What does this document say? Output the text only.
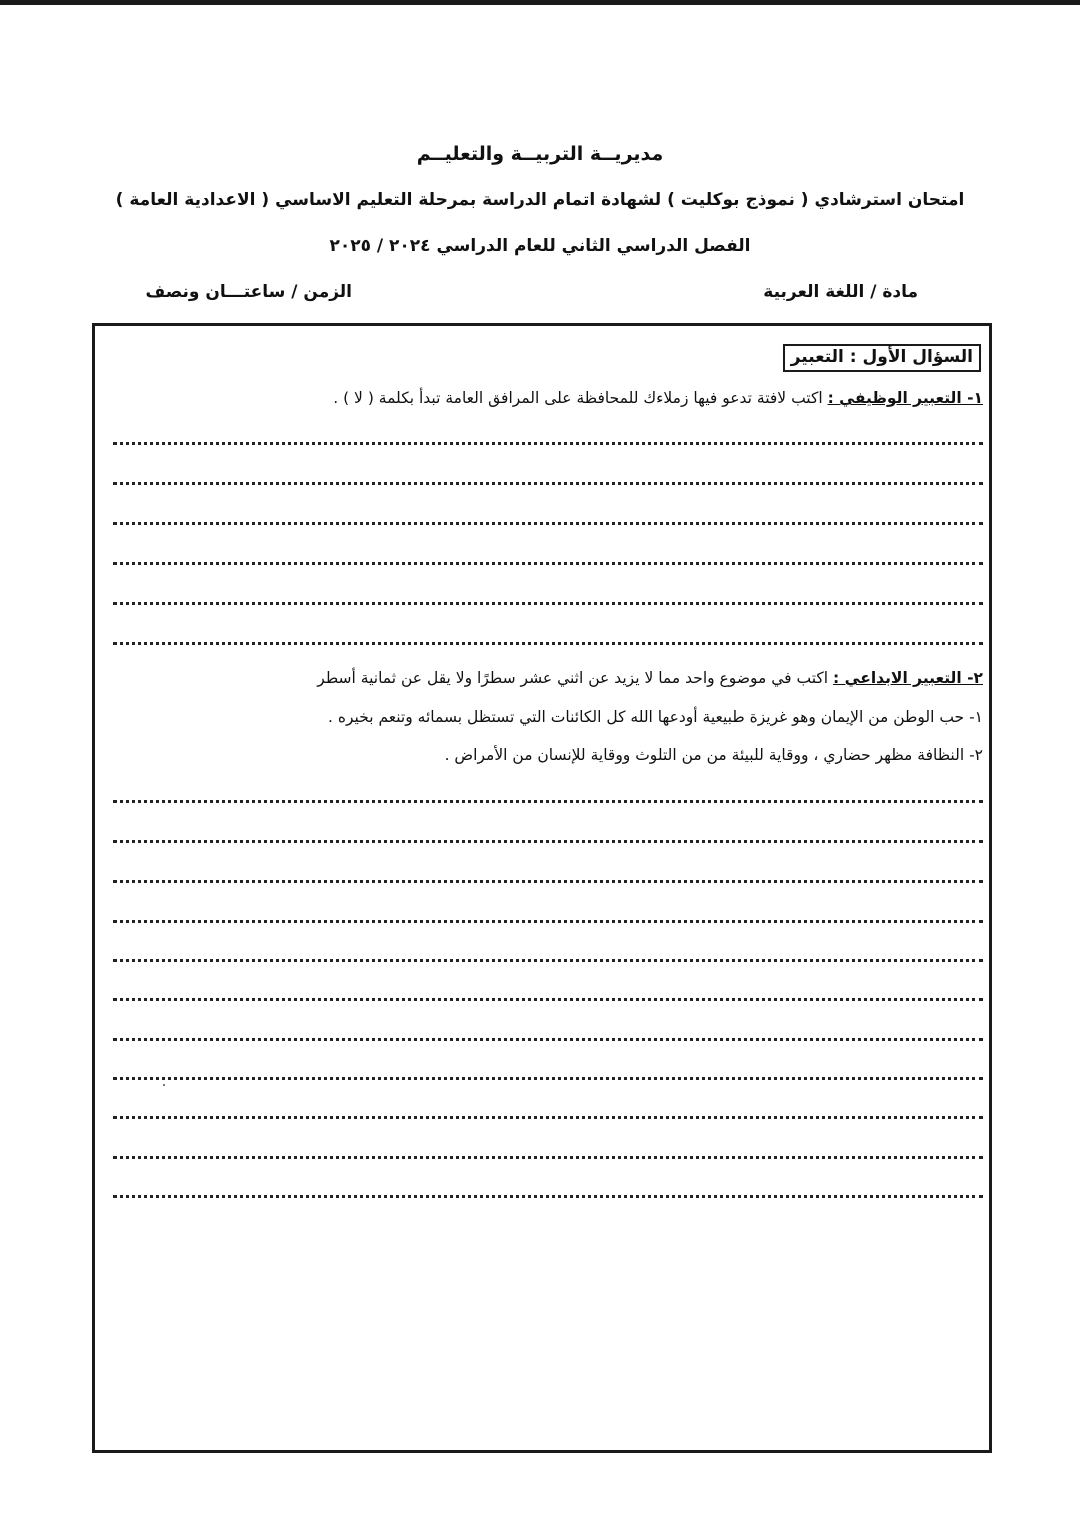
مديريــة التربيــة والتعليــم
امتحان استرشادي ( نموذج بوكليت ) لشهادة اتمام الدراسة بمرحلة التعليم الاساسي ( الاعدادية العامة )
الفصل الدراسي الثاني للعام الدراسي ٢٠٢٤ / ٢٠٢٥
مادة / اللغة العربية
الزمن / ساعتـــان ونصف
السؤال الأول : التعبير
١- التعبير الوظيفي : اكتب لافتة تدعو فيها زملاءك للمحافظة على المرافق العامة تبدأ بكلمة ( لا ) .
٢- التعبير الابداعي : اكتب في موضوع واحد مما لا يزيد عن اثني عشر سطرًا ولا يقل عن ثمانية أسطر
١- حب الوطن من الإيمان وهو غريزة طبيعية أودعها الله كل الكائنات التي تستظل بسمائه وتنعم بخيره .
٢- النظافة مظهر حضاري ، ووقاية للبيئة من من التلوث ووقاية للإنسان من الأمراض .
